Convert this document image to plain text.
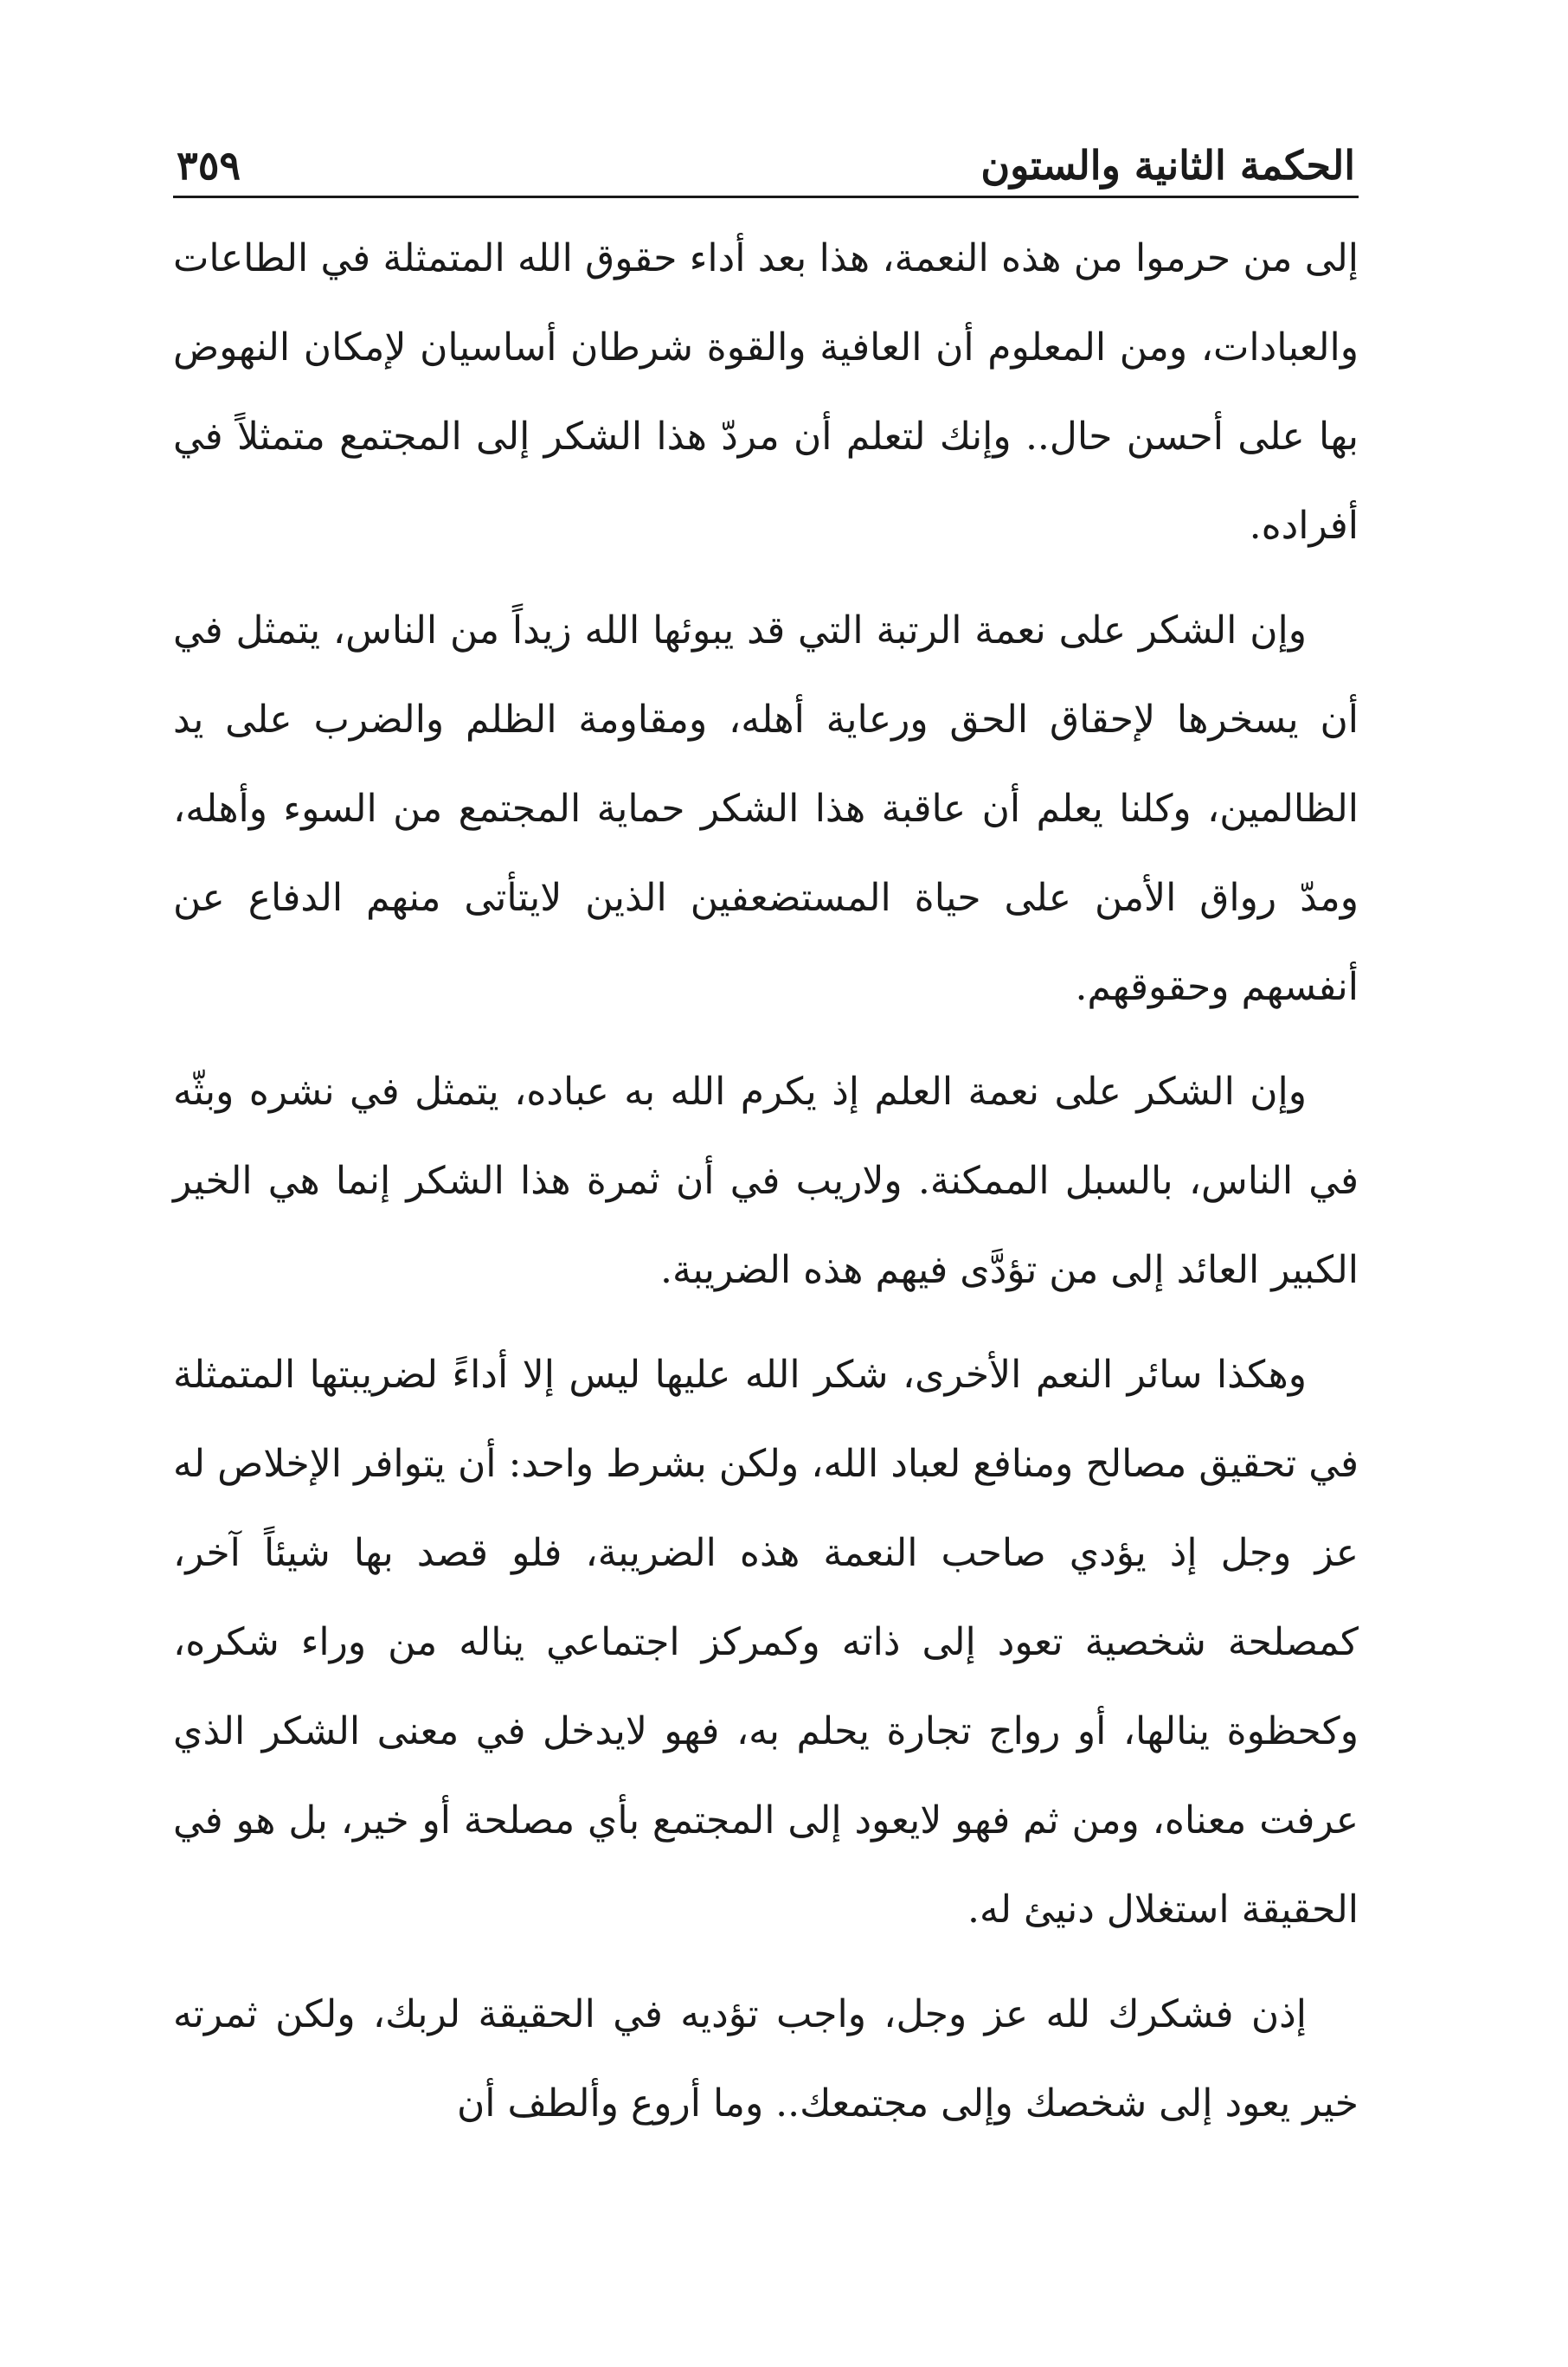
الحكمة الثانية والستون
٣٥٩

إلى من حرموا من هذه النعمة، هذا بعد أداء حقوق الله المتمثلة في الطاعات والعبادات، ومن المعلوم أن العافية والقوة شرطان أساسيان لإمكان النهوض بها على أحسن حال.. وإنك لتعلم أن مردّ هذا الشكر إلى المجتمع متمثلاً في أفراده.

وإن الشكر على نعمة الرتبة التي قد يبوئها الله زيداً من الناس، يتمثل في أن يسخرها لإحقاق الحق ورعاية أهله، ومقاومة الظلم والضرب على يد الظالمين، وكلنا يعلم أن عاقبة هذا الشكر حماية المجتمع من السوء وأهله، ومدّ رواق الأمن على حياة المستضعفين الذين لايتأتى منهم الدفاع عن أنفسهم وحقوقهم.

وإن الشكر على نعمة العلم إذ يكرم الله به عباده، يتمثل في نشره وبثّه في الناس، بالسبل الممكنة. ولاريب في أن ثمرة هذا الشكر إنما هي الخير الكبير العائد إلى من تؤدَّى فيهم هذه الضريبة.

وهكذا سائر النعم الأخرى، شكر الله عليها ليس إلا أداءً لضريبتها المتمثلة في تحقيق مصالح ومنافع لعباد الله، ولكن بشرط واحد: أن يتوافر الإخلاص له عز وجل إذ يؤدي صاحب النعمة هذه الضريبة، فلو قصد بها شيئاً آخر، كمصلحة شخصية تعود إلى ذاته وكمركز اجتماعي يناله من وراء شكره، وكحظوة ينالها، أو رواج تجارة يحلم به، فهو لايدخل في معنى الشكر الذي عرفت معناه، ومن ثم فهو لايعود إلى المجتمع بأي مصلحة أو خير، بل هو في الحقيقة استغلال دنيئ له.

إذن فشكرك لله عز وجل، واجب تؤديه في الحقيقة لربك، ولكن ثمرته خير يعود إلى شخصك وإلى مجتمعك.. وما أروع وألطف أن
